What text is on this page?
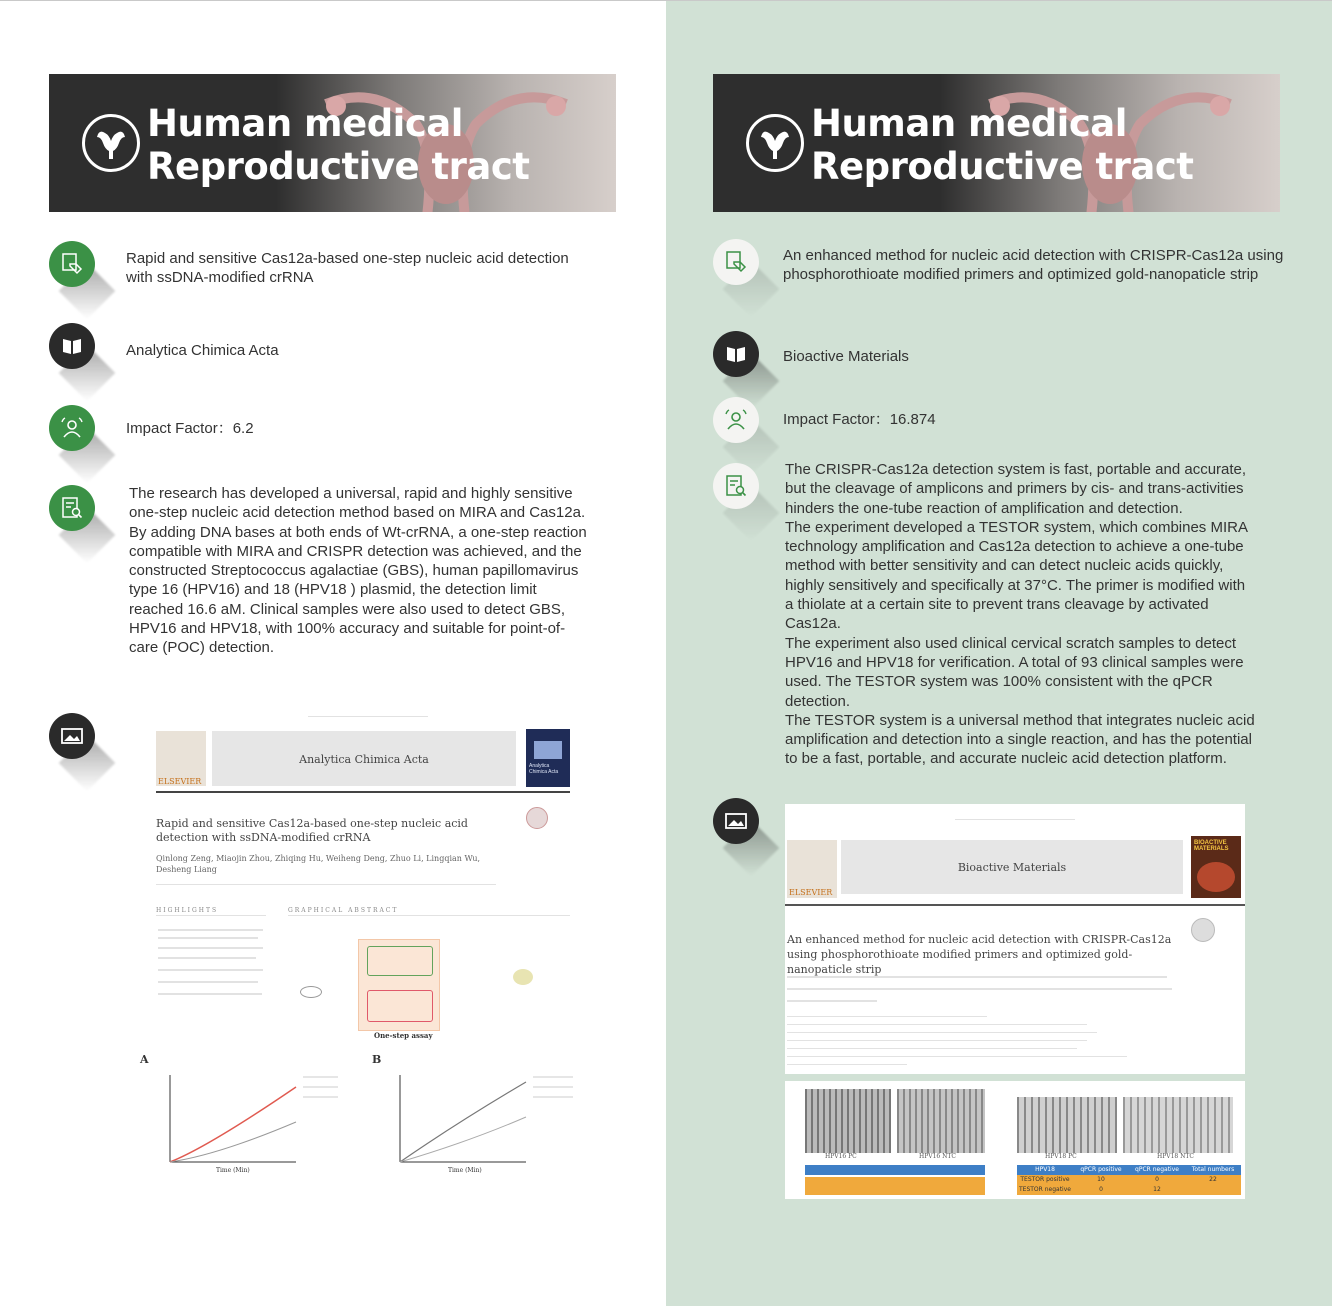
Human medical
Reproductive tract
Rapid and sensitive Cas12a-based one-step nucleic acid detection with ssDNA-modified crRNA
Analytica Chimica Acta
Impact Factor：6.2
The research has developed a universal, rapid and highly sensitive one-step nucleic acid detection method based on MIRA and Cas12a. By adding DNA bases at both ends of Wt-crRNA, a one-step reaction compatible with MIRA and CRISPR detection was achieved, and the constructed Streptococcus agalactiae (GBS), human papillomavirus type 16 (HPV16) and 18 (HPV18 ) plasmid, the detection limit reached 16.6 aM. Clinical samples were also used to detect GBS, HPV16 and HPV18, with 100% accuracy and suitable for point-of-care (POC) detection.
ELSEVIER
Analytica Chimica Acta	Analytica Chimica Acta
Rapid and sensitive Cas12a-based one-step nucleic acid detection with ssDNA-modified crRNA
Qinlong Zeng, Miaojin Zhou, Zhiqing Hu, Weiheng Deng, Zhuo Li, Lingqian Wu, Desheng Liang
HIGHLIGHTS	GRAPHICAL ABSTRACT
One-step assay
A	B
Time (Min)	Time (Min)
Human medical
Reproductive tract
An enhanced method for nucleic acid detection with CRISPR-Cas12a using phosphorothioate modified primers and optimized gold-nanopaticle strip
Bioactive Materials
Impact Factor：16.874
The CRISPR-Cas12a detection system is fast, portable and accurate, but the cleavage of amplicons and primers by cis- and trans-activities hinders the one-tube reaction of amplification and detection.
The experiment developed a TESTOR system, which combines MIRA technology amplification and Cas12a detection to achieve a one-tube method with better sensitivity and can detect nucleic acids quickly, highly sensitively and specifically at 37°C. The primer is modified with a thiolate at a certain site to prevent trans cleavage by activated Cas12a.
The experiment also used clinical cervical scratch samples to detect HPV16 and HPV18 for verification. A total of 93 clinical samples were used. The TESTOR system was 100% consistent with the qPCR detection.
The TESTOR system is a universal method that integrates nucleic acid amplification and detection into a single reaction, and has the potential to be a fast, portable, and accurate nucleic acid detection platform.
ELSEVIER
Bioactive Materials
BIOACTIVE MATERIALS
An enhanced method for nucleic acid detection with CRISPR-Cas12a using phosphorothioate modified primers and optimized gold-nanopaticle strip
HPV16 PC	HPV16 NTC	HPV18 PC	HPV18 NTC
HPV18	qPCR positive	qPCR negative	Total numbers
TESTOR positive	10	0	22
TESTOR negative	0	12
